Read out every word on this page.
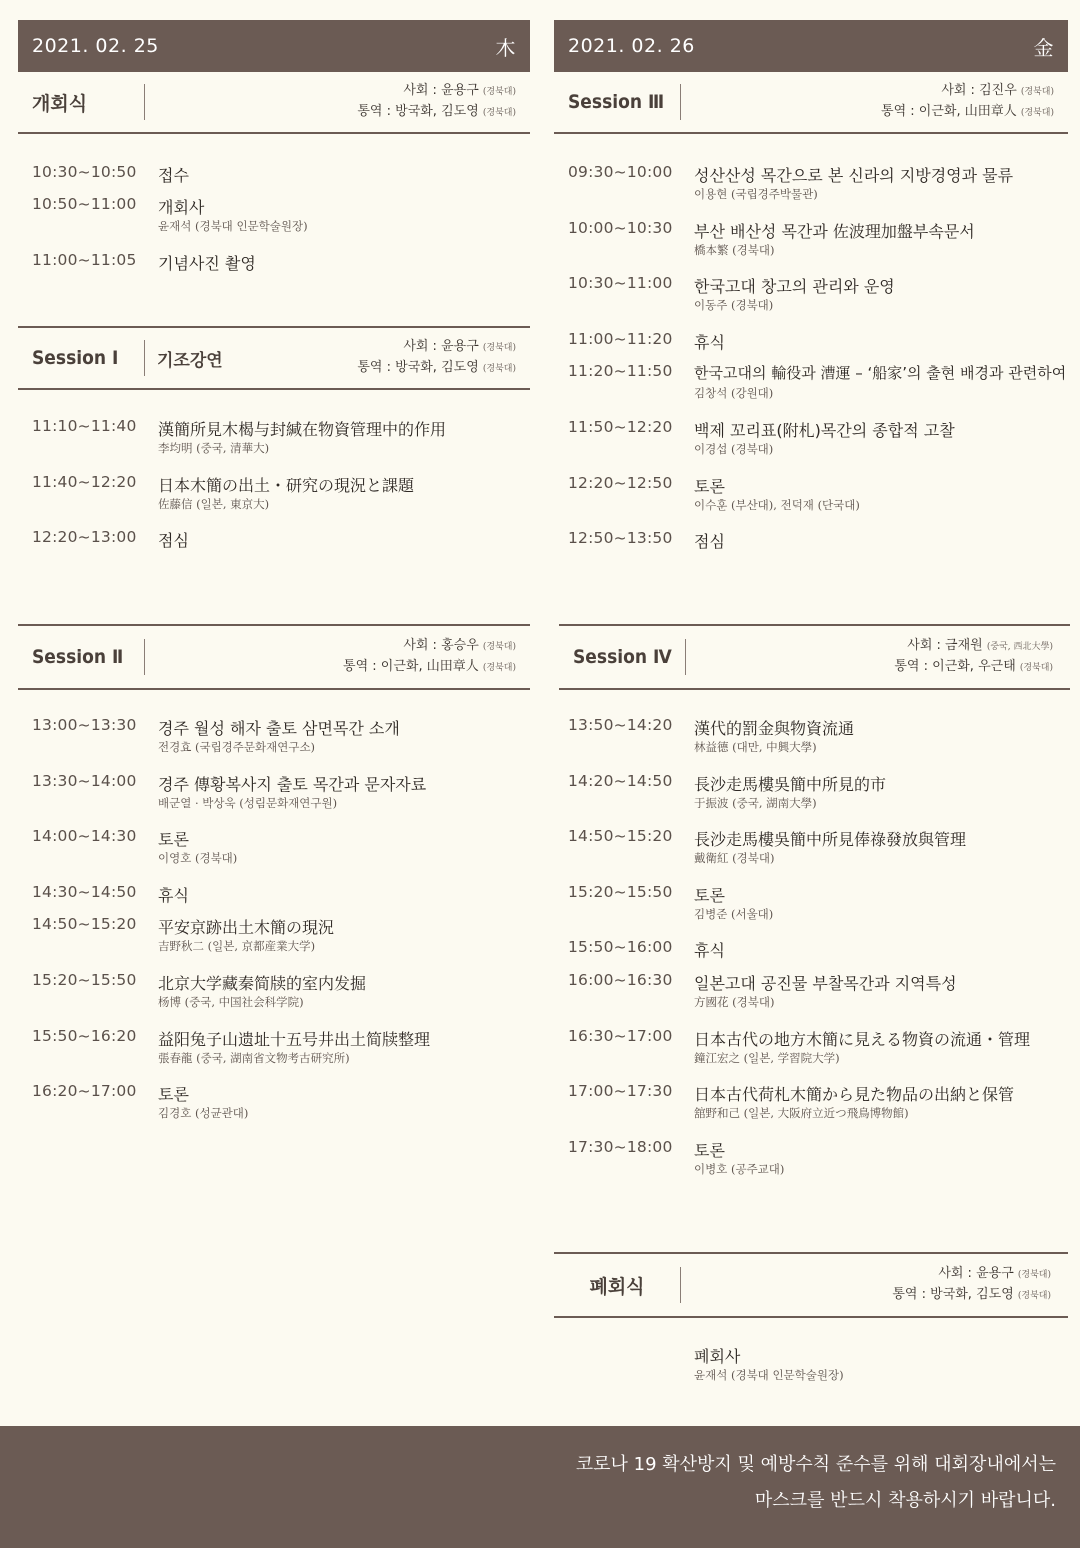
2021. 02. 25	木
개회식
사회 : 윤용구 (경북대)
통역 : 방국화, 김도영 (경북대)
10:30~10:50 접수
10:50~11:00 개회사
윤재석 (경북대 인문학술원장)
11:00~11:05 기념사진 촬영
Session Ⅰ	기조강연
사회 : 윤용구 (경북대)
통역 : 방국화, 김도영 (경북대)
11:10~11:40 漢簡所見木楬与封緘在物資管理中的作用
李均明 (중국, 清華大)
11:40~12:20 日本木簡の出土・研究の現況と課題
佐藤信 (일본, 東京大)
12:20~13:00 점심
Session Ⅱ
사회 : 홍승우 (경북대)
통역 : 이근화, 山田章人 (경북대)
13:00~13:30 경주 월성 해자 출토 삼면목간 소개
전경효 (국립경주문화재연구소)
13:30~14:00 경주 傳황복사지 출토 목간과 문자자료
배군열 · 박상욱 (성림문화재연구원)
14:00~14:30 토론
이영호 (경북대)
14:30~14:50 휴식
14:50~15:20 平安京跡出土木簡の現況
吉野秋二 (일본, 京都産業大学)
15:20~15:50 北京大学藏秦简牍的室内发掘
杨博 (중국, 中国社会科学院)
15:50~16:20 益阳兔子山遗址十五号井出土简牍整理
張春龍 (중국, 湖南省文物考古研究所)
16:20~17:00 토론
김경호 (성균관대)
2021. 02. 26	金
Session Ⅲ
사회 : 김진우 (경북대)
통역 : 이근화, 山田章人 (경북대)
09:30~10:00 성산산성 목간으로 본 신라의 지방경영과 물류
이용현 (국립경주박물관)
10:00~10:30 부산 배산성 목간과 佐波理加盤부속문서
橋本繁 (경북대)
10:30~11:00 한국고대 창고의 관리와 운영
이동주 (경북대)
11:00~11:20 휴식
11:20~11:50 한국고대의 輸役과 漕運 – ‘船家’의 출현 배경과 관련하여
김창석 (강원대)
11:50~12:20 백제 꼬리표(附札)목간의 종합적 고찰
이경섭 (경북대)
12:20~12:50 토론
이수훈 (부산대), 전덕재 (단국대)
12:50~13:50 점심
Session Ⅳ
사회 : 금재원 (중국, 西北大學)
통역 : 이근화, 우근태 (경북대)
13:50~14:20 漢代的罰金與物資流通
林益德 (대만, 中興大學)
14:20~14:50 長沙走馬樓吳簡中所見的市
于振波 (중국, 湖南大學)
14:50~15:20 長沙走馬樓吳簡中所見俸祿發放與管理
戴衛紅 (경북대)
15:20~15:50 토론
김병준 (서울대)
15:50~16:00 휴식
16:00~16:30 일본고대 공진물 부찰목간과 지역특성
方國花 (경북대)
16:30~17:00 日本古代の地方木簡に見える物資の流通・管理
鐘江宏之 (일본, 学習院大学)
17:00~17:30 日本古代荷札木簡から見た物品の出納と保管
舘野和己 (일본, 大阪府立近つ飛鳥博物館)
17:30~18:00 토론
이병호 (공주교대)
폐회식
사회 : 윤용구 (경북대)
통역 : 방국화, 김도영 (경북대)
폐회사
윤재석 (경북대 인문학술원장)
코로나 19 확산방지 및 예방수칙 준수를 위해 대회장내에서는
마스크를 반드시 착용하시기 바랍니다.
